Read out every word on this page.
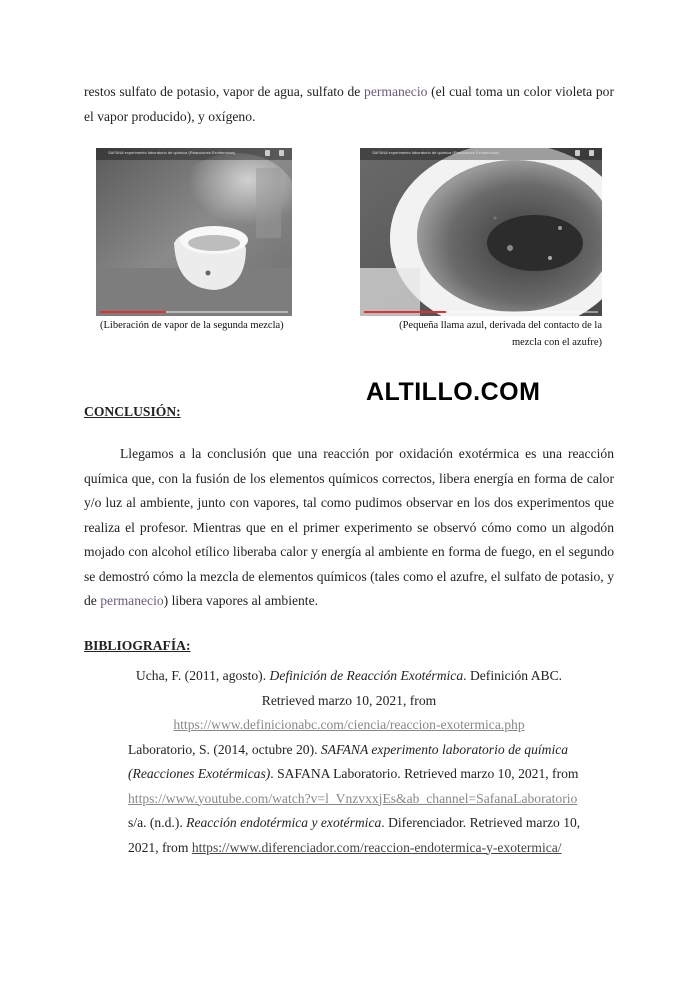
restos sulfato de potasio, vapor de agua, sulfato de permanecio (el cual toma un color violeta por el vapor producido), y oxígeno.

SAFANA experimento laboratorio de química (Reacciones Exotérmicas)	SAFANA experimento laboratorio de química (Reacciones Exotérmicas)

(Liberación de vapor de la segunda mezcla)	(Pequeña llama azul, derivada del contacto de la
mezcla con el azufre)

ALTILLO.COM
CONCLUSIÓN:

Llegamos a la conclusión que una reacción por oxidación exotérmica es una reacción química que, con la fusión de los elementos químicos correctos, libera energía en forma de calor y/o luz al ambiente, junto con vapores, tal como pudimos observar en los dos experimentos que realiza el profesor. Mientras que en el primer experimento se observó cómo como un algodón mojado con alcohol etílico liberaba calor y energía al ambiente en forma de fuego, en el segundo se demostró cómo la mezcla de elementos químicos (tales como el azufre, el sulfato de potasio, y de permanecio) libera vapores al ambiente.

BIBLIOGRAFÍA:

Ucha, F. (2011, agosto). Definición de Reacción Exotérmica. Definición ABC.
Retrieved marzo 10, 2021, from
https://www.definicionabc.com/ciencia/reaccion-exotermica.php

Laboratorio, S. (2014, octubre 20). SAFANA experimento laboratorio de química (Reacciones Exotérmicas). SAFANA Laboratorio. Retrieved marzo 10, 2021, from
https://www.youtube.com/watch?v=l_VnzvxxjEs&ab_channel=SafanaLaboratorio

s/a. (n.d.). Reacción endotérmica y exotérmica. Diferenciador. Retrieved marzo 10, 2021, from https://www.diferenciador.com/reaccion-endotermica-y-exotermica/
